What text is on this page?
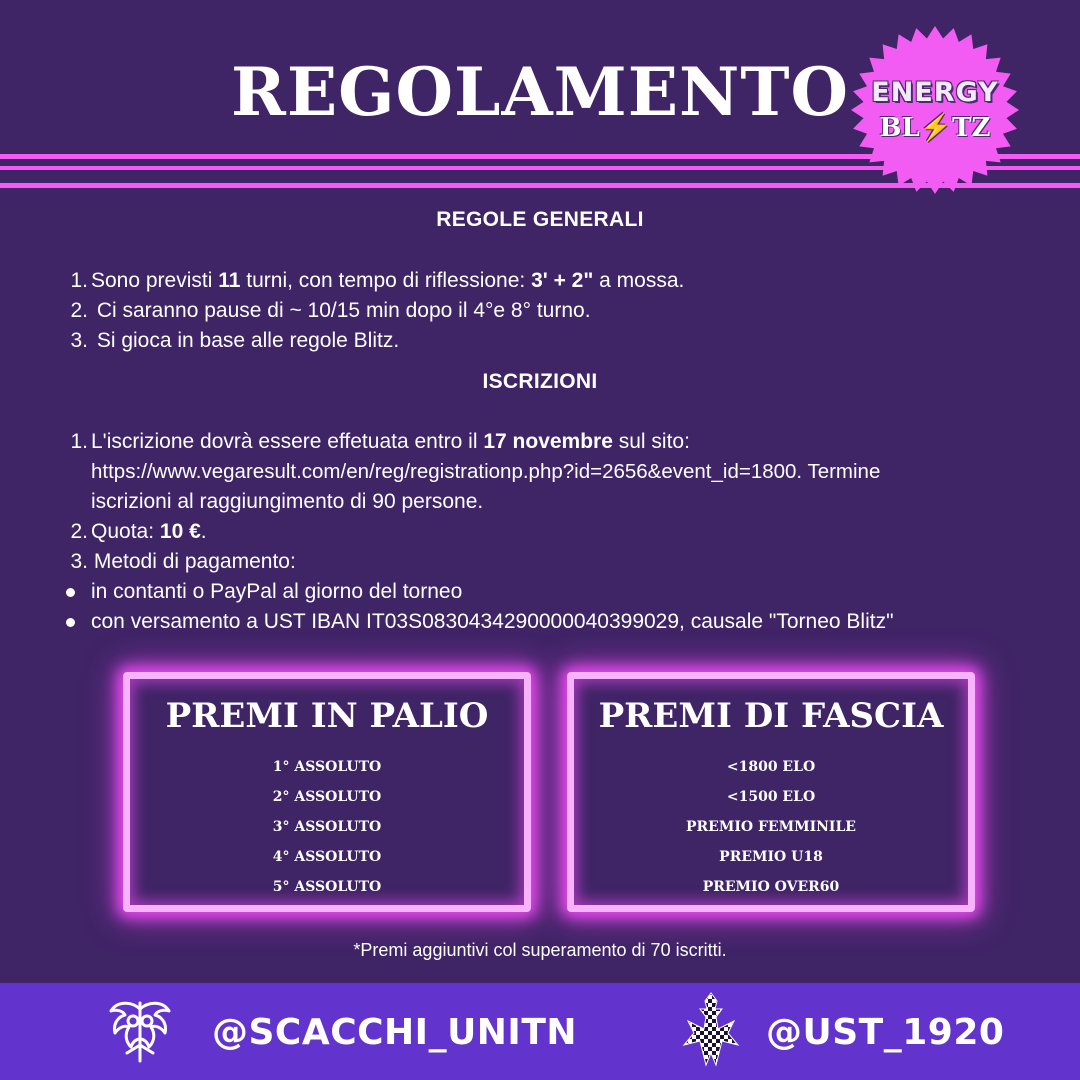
REGOLAMENTO ENERGY
BL⚡TZ
REGOLE GENERALI
1. Sono previsti 11 turni, con tempo di riflessione: 3' + 2" a mossa.
2. Ci saranno pause di ~ 10/15 min dopo il 4°e 8° turno.
3. Si gioca in base alle regole Blitz.
ISCRIZIONI
1. L'iscrizione dovrà essere effetuata entro il 17 novembre sul sito:
https://www.vegaresult.com/en/reg/registrationp.php?id=2656&event_id=1800. Termine
iscrizioni al raggiungimento di 90 persone.
2. Quota: 10 €.
3. Metodi di pagamento:
in contanti o PayPal al giorno del torneo
con versamento a UST IBAN IT03S0830434290000040399029, causale "Torneo Blitz"
PREMI IN PALIO
1° ASSOLUTO
2° ASSOLUTO
3° ASSOLUTO
4° ASSOLUTO
5° ASSOLUTO
PREMI DI FASCIA
<1800 ELO
<1500 ELO
PREMIO FEMMINILE
PREMIO U18
PREMIO OVER60

*Premi aggiuntivi col superamento di 70 iscritti.

@SCACCHI_UNITN	@UST_1920
